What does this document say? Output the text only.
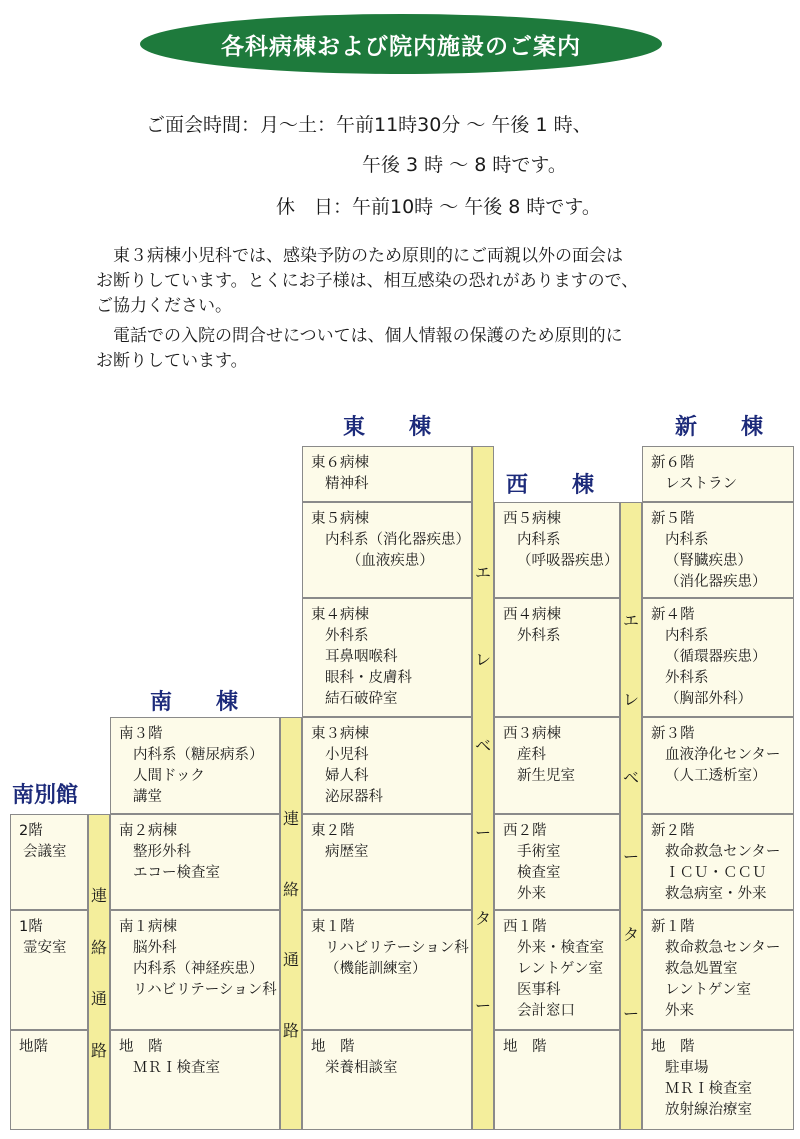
各科病棟および院内施設のご案内
ご面会時間：月～土：午前11時30分 ～ 午後 1 時、
午後 3 時 ～ 8 時です。
休　日：午前10時 ～ 午後 8 時です。
　東３病棟小児科では、感染予防のため原則的にご両親以外の面会は
お断りしています。とくにお子様は、相互感染の恐れがありますので、
ご協力ください。
　電話での入院の問合せについては、個人情報の保護のため原則的に
お断りしています。
東　　棟
西　　棟
新　　棟
南　　棟
南別館
2階
会議室
1階
霊安室
地階
連
絡
通
路
南３階
内科系（糖尿病系）
人間ドック
講堂
南２病棟
整形外科
エコー検査室
南１病棟
脳外科
内科系（神経疾患）
リハビリテーション科
地　階
ＭＲＩ検査室
連
絡
通
路
東６病棟
精神科
東５病棟
内科系（消化器疾患）
　　（血液疾患）
東４病棟
外科系
耳鼻咽喉科
眼科・皮膚科
結石破砕室
東３病棟
小児科
婦人科
泌尿器科
東２階
病歴室
東１階
リハビリテーション科
（機能訓練室）
地　階
栄養相談室
エ
レ
ベ
ー
タ
ー
西５病棟
内科系
（呼吸器疾患）
西４病棟
外科系
西３病棟
産科
新生児室
西２階
手術室
検査室
外来
西１階
外来・検査室
レントゲン室
医事科
会計窓口
地　階
エ
レ
ベ
ー
タ
ー
新６階
レストラン
新５階
内科系
（腎臓疾患）
（消化器疾患）
新４階
内科系
（循環器疾患）
外科系
（胸部外科）
新３階
血液浄化センター
（人工透析室）
新２階
救命救急センター
ＩＣＵ・ＣＣＵ
救急病室・外来
新１階
救命救急センター
救急処置室
レントゲン室
外来
地　階
駐車場
ＭＲＩ検査室
放射線治療室
